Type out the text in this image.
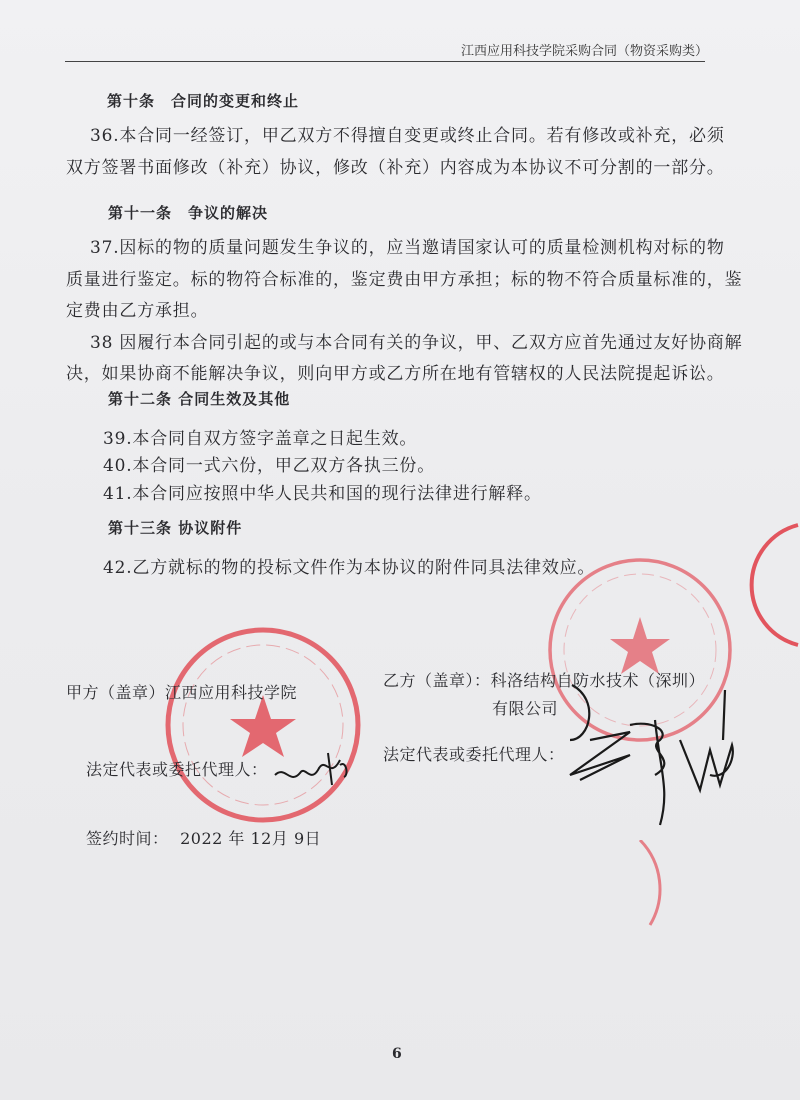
江西应用科技学院采购合同（物资采购类）
第十条　合同的变更和终止
36.本合同一经签订，甲乙双方不得擅自变更或终止合同。若有修改或补充，必须
双方签署书面修改（补充）协议，修改（补充）内容成为本协议不可分割的一部分。
第十一条　争议的解决
37.因标的物的质量问题发生争议的，应当邀请国家认可的质量检测机构对标的物
质量进行鉴定。标的物符合标准的，鉴定费由甲方承担；标的物不符合质量标准的，鉴
定费由乙方承担。
38 因履行本合同引起的或与本合同有关的争议，甲、乙双方应首先通过友好协商解
决，如果协商不能解决争议，则向甲方或乙方所在地有管辖权的人民法院提起诉讼。
第十二条 合同生效及其他
39.本合同自双方签字盖章之日起生效。
40.本合同一式六份，甲乙双方各执三份。
41.本合同应按照中华人民共和国的现行法律进行解释。
第十三条 协议附件
42.乙方就标的物的投标文件作为本协议的附件同具法律效应。
甲方（盖章）江西应用科技学院
法定代表或委托代理人：
乙方（盖章）：科洛结构自防水技术（深圳）
有限公司
法定代表或委托代理人：
签约时间： 2022 年 12月 9日
6
